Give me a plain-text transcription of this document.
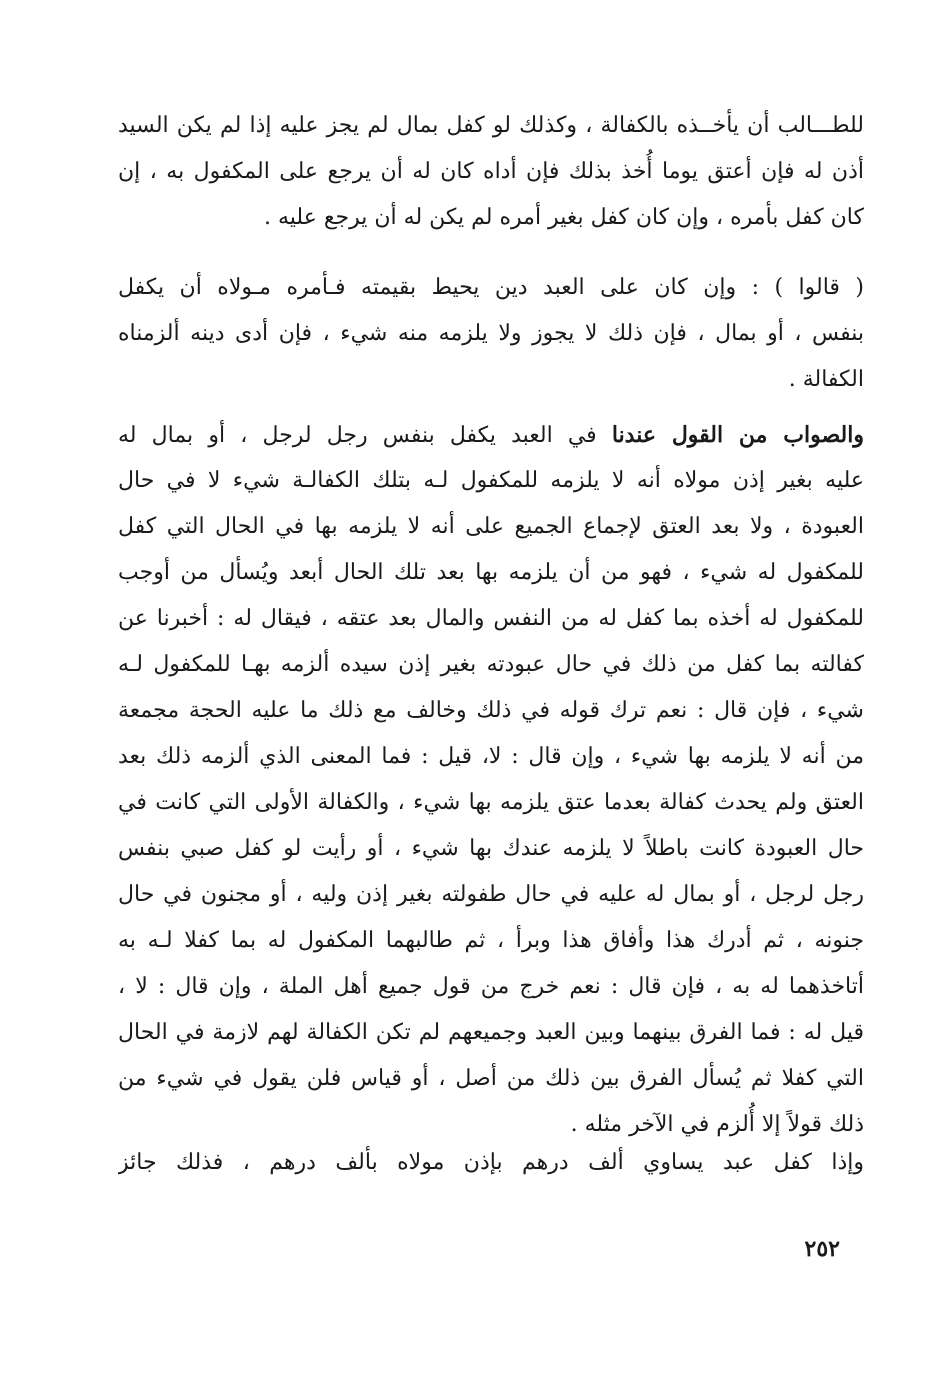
للطـــالب أن يأخــذه بالكفالة ، وكذلك لو كفل بمال لم يجز عليه إذا لم يكن السيد
أذن له فإن أعتق يوما أُخذ بذلك فإن أداه كان له أن يرجع على المكفول به ، إن
كان كفل بأمره ، وإن كان كفل بغير أمره لم يكن له أن يرجع عليه .
( قالوا ) : وإن كان على العبد دين يحيط بقيمته فـأمره مـولاه أن يكفل
بنفس ، أو بمال ، فإن ذلك لا يجوز ولا يلزمه منه شيء ، فإن أدى دينه ألزمناه
الكفالة .
والصواب من القول عندنا في العبد يكفل بنفس رجل لرجل ، أو بمال له
عليه بغير إذن مولاه أنه لا يلزمه للمكفول لـه بتلك الكفالـة شيء لا في حال
العبودة ، ولا بعد العتق لإجماع الجميع على أنه لا يلزمه بها في الحال التي كفل
للمكفول له شيء ، فهو من أن يلزمه بها بعد تلك الحال أبعد ويُسأل من أوجب
للمكفول له أخذه بما كفل له من النفس والمال بعد عتقه ، فيقال له : أخبرنا عن
كفالته بما كفل من ذلك في حال عبودته بغير إذن سيده ألزمه بهـا للمكفول لـه
شيء ، فإن قال : نعم ترك قوله في ذلك وخالف مع ذلك ما عليه الحجة مجمعة
من أنه لا يلزمه بها شيء ، وإن قال : لا، قيل : فما المعنى الذي ألزمه ذلك بعد
العتق ولم يحدث كفالة بعدما عتق يلزمه بها شيء ، والكفالة الأولى التي كانت في
حال العبودة كانت باطلاً لا يلزمه عندك بها شيء ، أو رأيت لو كفل صبي بنفس
رجل لرجل ، أو بمال له عليه في حال طفولته بغير إذن وليه ، أو مجنون في حال
جنونه ، ثم أدرك هذا وأفاق هذا وبرأ ، ثم طالبهما المكفول له بما كفلا لـه به
أتاخذهما له به ، فإن قال : نعم خرج من قول جميع أهل الملة ، وإن قال : لا ،
قيل له : فما الفرق بينهما وبين العبد وجميعهم لم تكن الكفالة لهم لازمة في الحال
التي كفلا ثم يُسأل الفرق بين ذلك من أصل ، أو قياس فلن يقول في شيء من
ذلك قولاً إلا أُلزم في الآخر مثله .
وإذا كفل عبد يساوي ألف درهم بإذن مولاه بألف درهم ، فذلك جائز
٢٥٢
